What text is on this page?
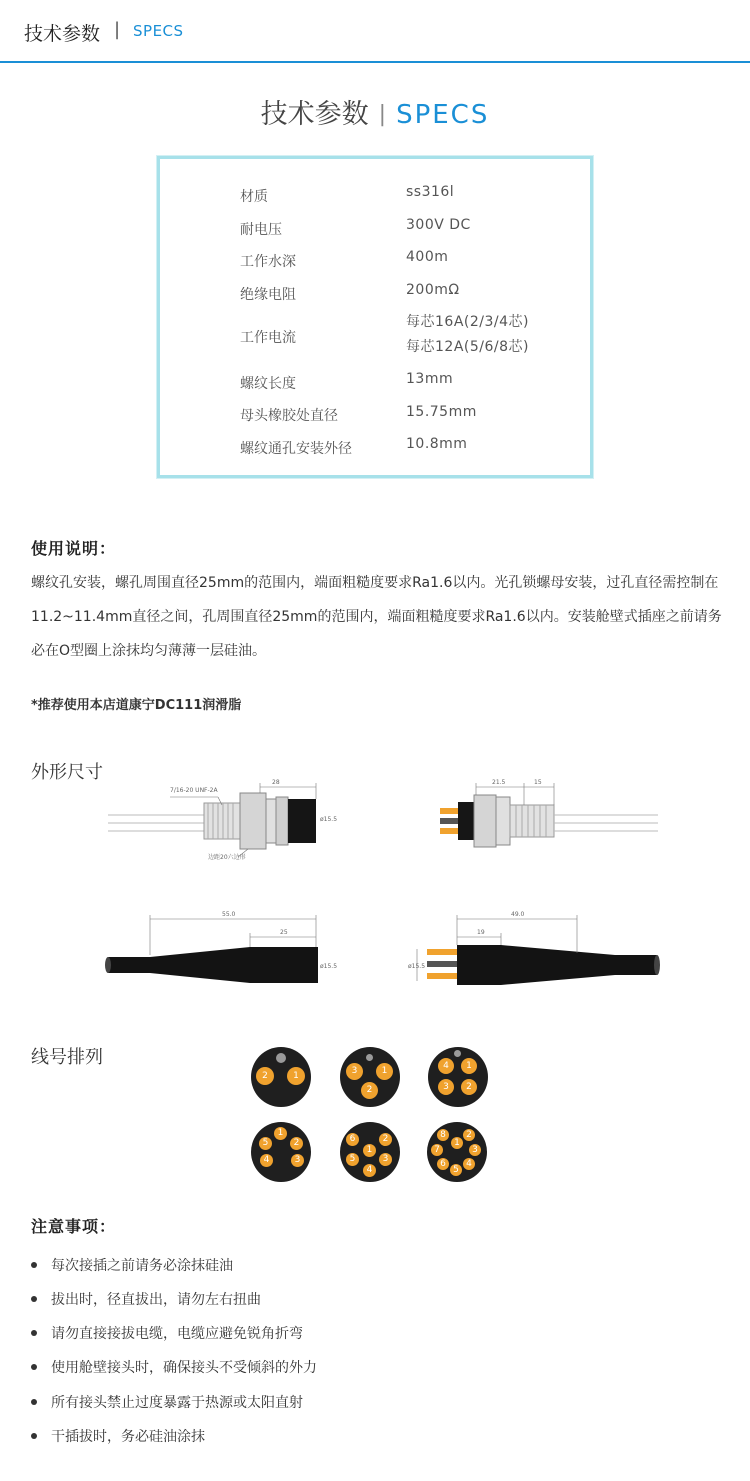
技术参数 | SPECS
技术参数 | SPECS
材质	ss316l
耐电压	300V DC
工作水深	400m
绝缘电阻	200mΩ
工作电流
每芯16A(2/3/4芯)
每芯12A(5/6/8芯)
螺纹长度	13mm
母头橡胶处直径	15.75mm
螺纹通孔安装外径	10.8mm
使用说明：
螺纹孔安装，螺孔周围直径25mm的范围内，端面粗糙度要求Ra1.6以内。光孔锁螺母安装，过孔直径需控制在11.2~11.4mm直径之间，孔周围直径25mm的范围内，端面粗糙度要求Ra1.6以内。安装舱壁式插座之前请务必在O型圈上涂抹均匀薄薄一层硅油。
*推荐使用本店道康宁DC111润滑脂
外形尺寸	28
7/16-20 UNF-2A
ø15.5
边距20六边形
21.5	15
55.0
25
ø15.5
49.0
19
ø15.5
线号排列
2	1	3	1
2
4	1
3	2
1
5	2
4	3
6	2
1
5	3
4
8	2
1
7	3
6	4
5
注意事项：
每次接插之前请务必涂抹硅油
拔出时，径直拔出，请勿左右扭曲
请勿直接接拔电缆，电缆应避免锐角折弯
使用舱壁接头时，确保接头不受倾斜的外力
所有接头禁止过度暴露于热源或太阳直射
干插拔时，务必硅油涂抹
